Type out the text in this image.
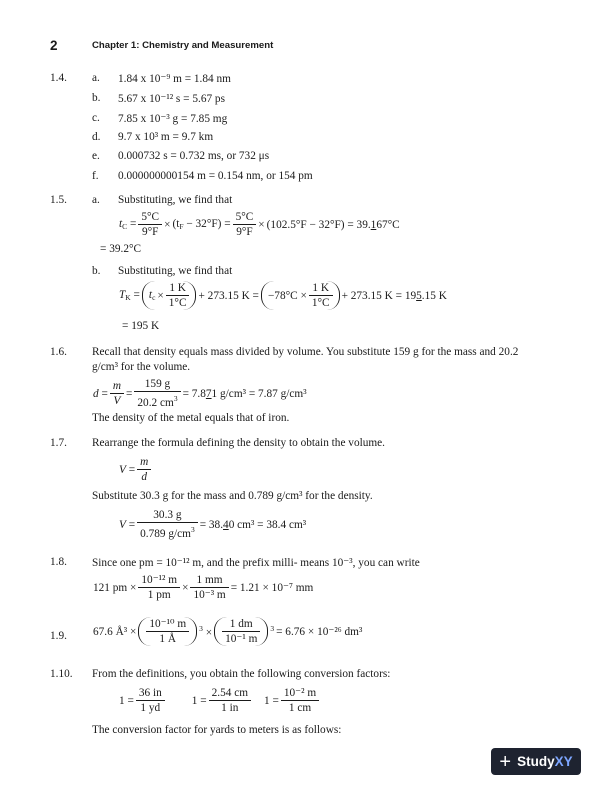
2	Chapter 1: Chemistry and Measurement
1.4. a. 1.84 x 10⁻⁹ m = 1.84 nm
b. 5.67 x 10⁻¹² s = 5.67 ps
c. 7.85 x 10⁻³ g = 7.85 mg
d. 9.7 x 10³ m = 9.7 km
e. 0.000732 s = 0.732 ms, or 732 μs
f. 0.000000000154 m = 0.154 nm, or 154 pm
1.5. a. Substituting, we find that
$t_C = \frac{5^\circ C}{9^\circ F} \times (t_F - 32^\circ F) = \frac{5^\circ C}{9^\circ F} \times (102.5^\circ F - 32^\circ F) = 39.167^\circ C$
= 39.2°C
b. Substituting, we find that
$T_K = t_c \times \frac{1 K}{1^\circ C} + 273.15$ $K = -78^\circ C \times \frac{1 K}{1^\circ C} + 273.15$ K = 195.15 K
= 195 K
1.6. Recall that density equals mass divided by volume. You substitute 159 g for the mass and 20.2
g/cm³ for the volume.
$d = \frac{m}{V} = \frac{159 g}{20.2 cm^3} = 7.871$ g/cm³ = 7.87 g/cm³
The density of the metal equals that of iron.
1.7. Rearrange the formula defining the density to obtain the volume.
$V = \frac{m}{d}$
Substitute 30.3 g for the mass and 0.789 g/cm³ for the density.
$V = \frac{30.3 g}{0.789 g/cm^3} = 38.40$ cm³ = 38.4 cm³
1.8. Since one pm = 10⁻¹² m, and the prefix milli- means 10⁻³, you can write
121 pm × $\frac{\text{10⁻¹² m}}{1 pm} \times \frac{1 mm}{\text{10⁻³ m}} = 1.21 \times 10^{-7}$ mm
1.9. 67.6 Å³ × $\frac{\text{10⁻¹⁰ m}}{1 Å} ^3 \times \frac{1 dm}{\text{10⁻¹ m}} ^3 = 6.76 \times 10^{-26}$ dm³
1.10. From the definitions, you obtain the following conversion factors:
$1 = \frac{36 in}{1 yd} 1 = \frac{2.54 cm}{1 in} 1 = \frac{\text{10⁻² m}}{1 cm}$
The conversion factor for yards to meters is as follows:
+ Study XY
